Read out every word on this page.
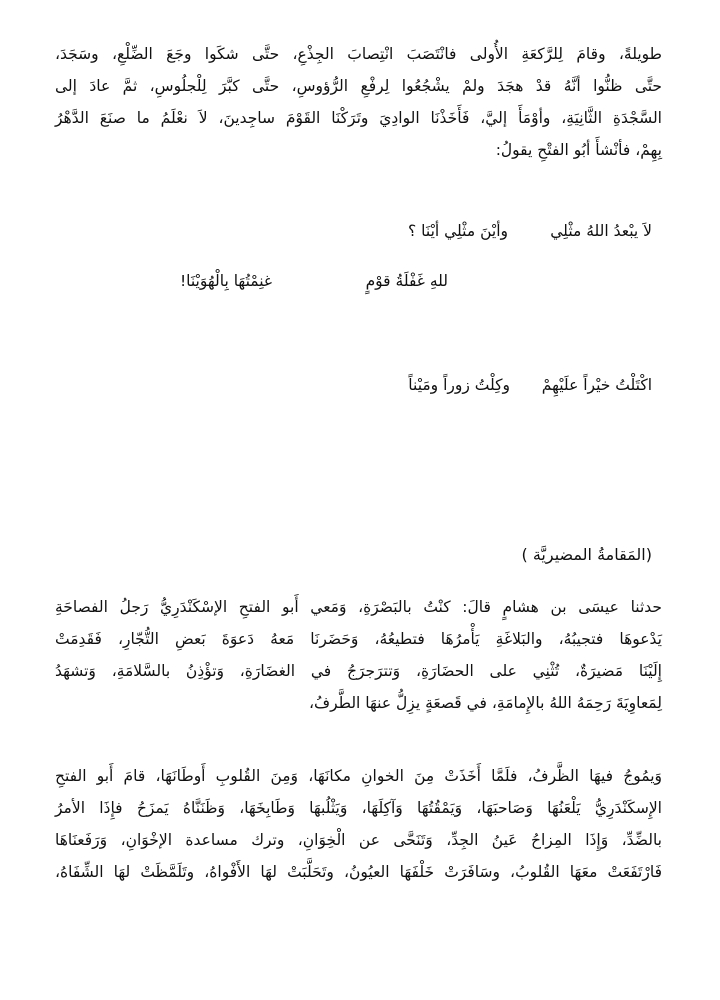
طويلةً، وقامَ لِلرَّكعَةِ الأُولى فانْتَصَبَ انْتِصابَ الجِذْعِ، حتَّى شكَوا وجَعَ الضِّلْعِ، وسَجَدَ،
حتَّى ظنُّوا أنَّهُ قدْ هجَدَ ولمْ يشْجُعُوا لِرفْعِ الرُّؤوسِ، حتَّى كبَّرَ لِلْجلُوسِ، ثمَّ عادَ إلى
السَّجْدَةِ الثَّانِيَةِ، وأوْمَأَ إليَّ، فَأَخَذْنَا الوادِيَ وتَرَكْنَا القَوْمَ ساجِدينَ، لاَ نعْلَمُ ما صنَعَ الدَّهْرُ
بِهِمْ، فأنْشأَ أبُو الفتْحِ يقولُ:
لاَ يبْعدُ اللهُ مثْلِي
وأيْنَ مثْلِي أيْنَا ؟
للهِ غَفْلَةُ قوْمٍ
غنِمْتُهَا بِالْهُوَيْنَا!
اكْتَلْتُ خيْراً علَيْهِمْ
وكِلْتُ زوراً ومَيْناً
(المَقامةُ المضيريَّة )
حدثنا عيسَى بن هشامٍ قالَ: كنْتُ بالبَصْرَةِ، وَمَعي أَبو الفتحِ الإسْكَنْدَرِيُّ رَجلُ الفصاحَةِ
يَدْعوهَا فتجيبُهُ، والبَلاغَةِ يَأْمرُهَا فتطيعُهُ، وَحَضَرنَا مَعهُ دَعوَةَ بَعضِ التُّجّارِ، فَقَدِمَتْ
إِلَيْنَا مَضيرَةٌ، تُثْنِي على الحضَارَةِ، وَتترَجرَجُ في الغضَارَةِ، وَتؤْذِنُ بالسَّلامَةِ، وَتشهَدُ
لِمَعاوِيَةَ رَحِمَهُ اللهُ بالإِمامَةِ، في قَصعَةٍ يزِلُّ عنهَا الطَّرفُ،
وَيمُوجُ فيهَا الظَّرفُ، فلَمَّا أَخَذَتْ مِنَ الخوانِ مكانَهَا، وَمِنَ القُلوبِ أَوطَانَهَا، قامَ أَبو الفتحِ
الإِسكَنْدَرِيُّ يَلْعَنُهَا وَصَاحبَهَا، وَيَمْقُتُهَا وَآكِلَهَا، وَيَثْلُبهَا وَطَابِخَهَا، وَظَنَنَّاهُ يَمزَحُ فإِذَا الأمرُ
بالضِّدِّ، وَإِذَا المِزاحُ عَينُ الجِدِّ، وَتَنَحَّى عن الْخِوَانِ، وترك مساعدة الإخْوَانِ، وَرَفَعنَاهَا
فَارْتَفَعَتْ معَهَا القُلوبُ، وسَافَرَتْ خَلْفَهَا العيُونُ، وتَحَلَّبَتْ لهَا الأَفْواهُ، وتَلَمَّظَتْ لهَا الشِّفَاهُ،
